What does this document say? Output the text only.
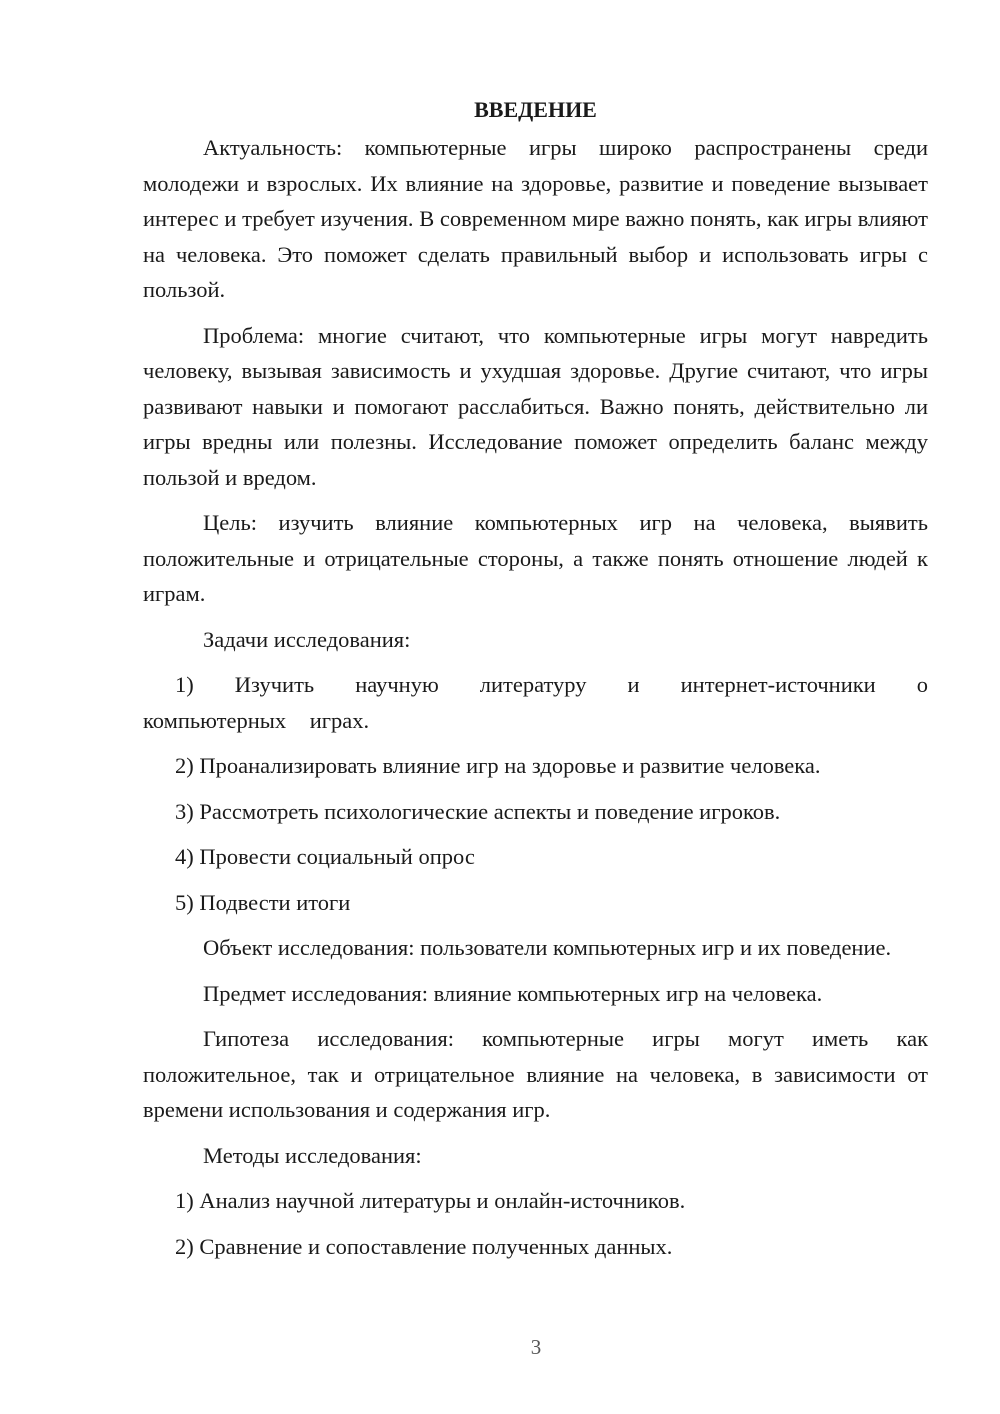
ВВЕДЕНИЕ

Актуальность: компьютерные игры широко распространены среди молодежи и взрослых. Их влияние на здоровье, развитие и поведение вызывает интерес и требует изучения. В современном мире важно понять, как игры влияют на человека. Это поможет сделать правильный выбор и использовать игры с пользой.

Проблема: многие считают, что компьютерные игры могут навредить человеку, вызывая зависимость и ухудшая здоровье. Другие считают, что игры развивают навыки и помогают расслабиться. Важно понять, действительно ли игры вредны или полезны. Исследование поможет определить баланс между пользой и вредом.

Цель: изучить влияние компьютерных игр на человека, выявить положительные и отрицательные стороны, а также понять отношение людей к играм.

Задачи исследования:

1) Изучить научную литературу и интернет-источники о компьютерных играх.

2) Проанализировать влияние игр на здоровье и развитие человека.

3) Рассмотреть психологические аспекты и поведение игроков.

4) Провести социальный опрос

5) Подвести итоги

Объект исследования: пользователи компьютерных игр и их поведение.

Предмет исследования: влияние компьютерных игр на человека.

Гипотеза исследования: компьютерные игры могут иметь как положительное, так и отрицательное влияние на человека, в зависимости от времени использования и содержания игр.

Методы исследования:

1) Анализ научной литературы и онлайн-источников.

2) Сравнение и сопоставление полученных данных.

3
